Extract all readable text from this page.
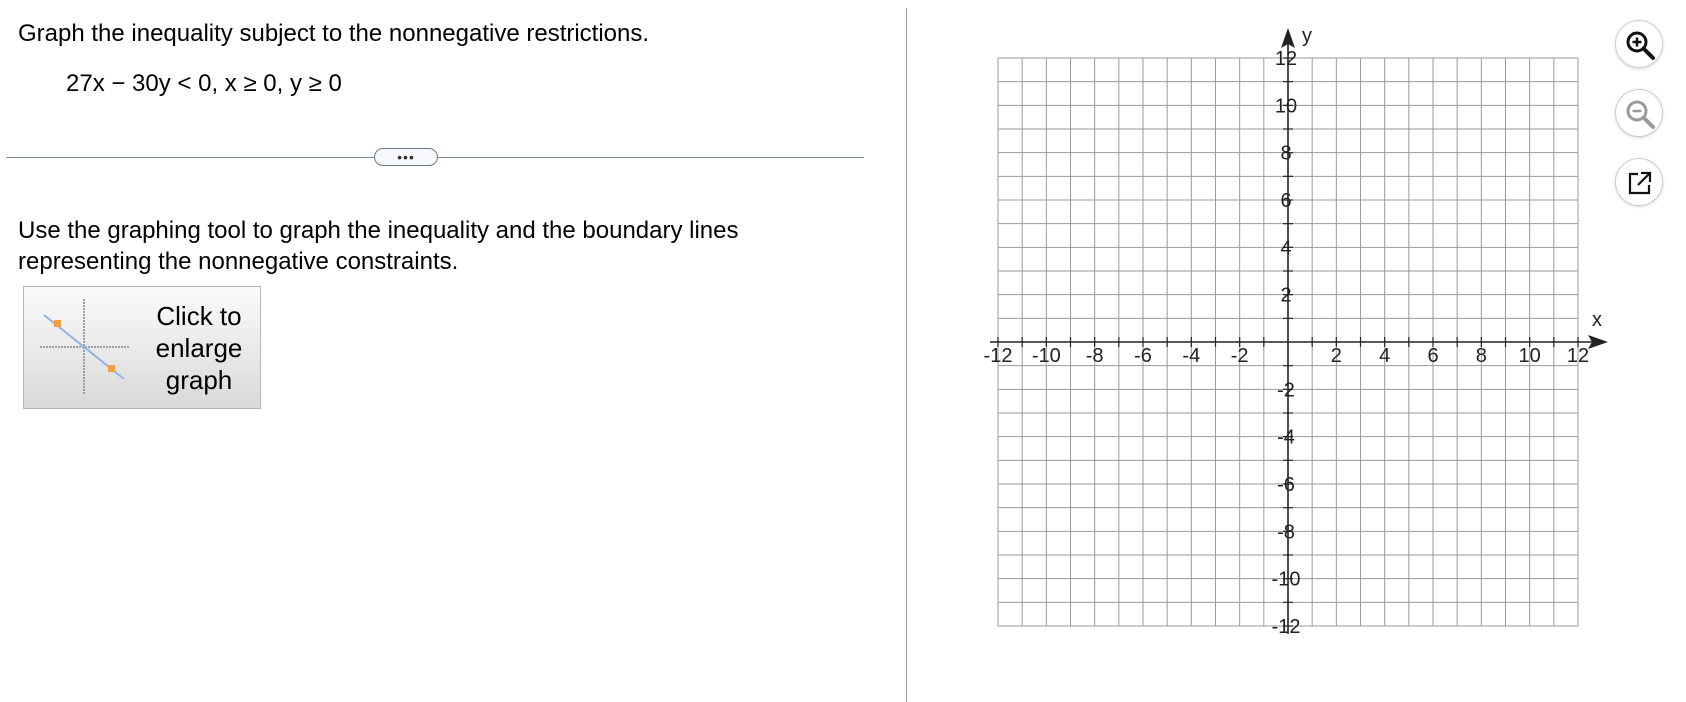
Graph the inequality subject to the nonnegative restrictions.
27x − 30y < 0, x ≥ 0, y ≥ 0
•••
Use the graphing tool to graph the inequality and the boundary lines representing the nonnegative constraints.
Click to enlarge graph
-12 -10 -8 -6 -4 -2	2 4 6 8 10 12
-12
-10
-8
-6
-4
-2
2
4
6
8
10
12
x
y
